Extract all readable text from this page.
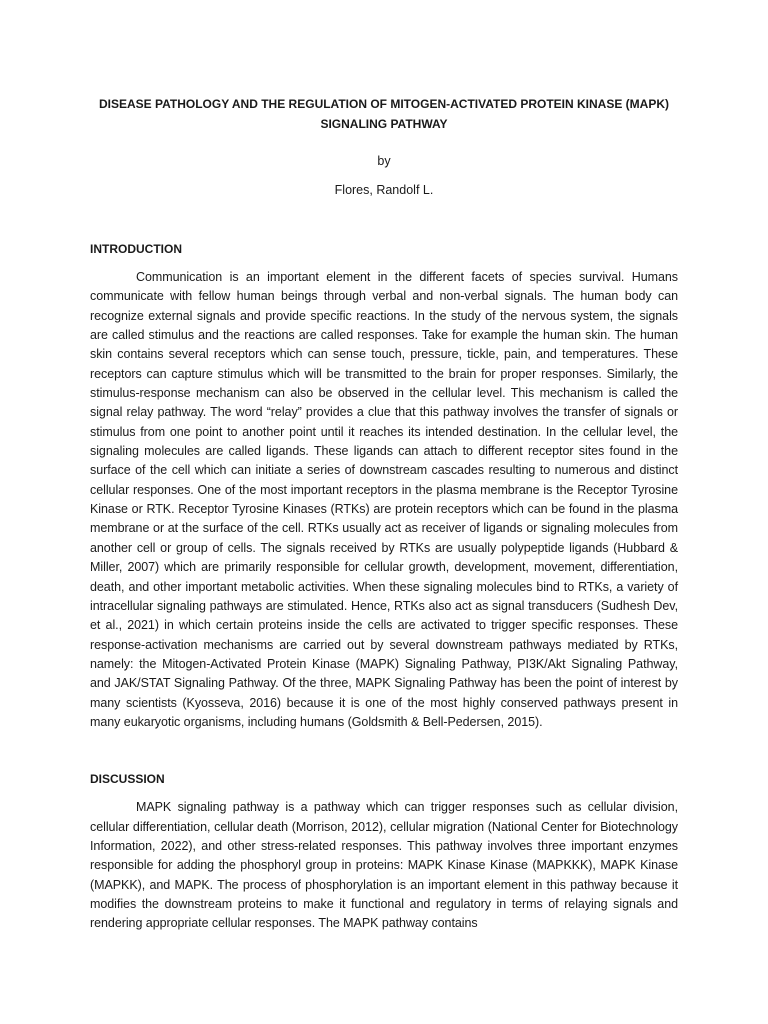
DISEASE PATHOLOGY AND THE REGULATION OF MITOGEN-ACTIVATED PROTEIN KINASE (MAPK) SIGNALING PATHWAY

by

Flores, Randolf L.

INTRODUCTION

Communication is an important element in the different facets of species survival. Humans communicate with fellow human beings through verbal and non-verbal signals. The human body can recognize external signals and provide specific reactions. In the study of the nervous system, the signals are called stimulus and the reactions are called responses. Take for example the human skin. The human skin contains several receptors which can sense touch, pressure, tickle, pain, and temperatures. These receptors can capture stimulus which will be transmitted to the brain for proper responses. Similarly, the stimulus-response mechanism can also be observed in the cellular level. This mechanism is called the signal relay pathway. The word “relay” provides a clue that this pathway involves the transfer of signals or stimulus from one point to another point until it reaches its intended destination. In the cellular level, the signaling molecules are called ligands. These ligands can attach to different receptor sites found in the surface of the cell which can initiate a series of downstream cascades resulting to numerous and distinct cellular responses. One of the most important receptors in the plasma membrane is the Receptor Tyrosine Kinase or RTK. Receptor Tyrosine Kinases (RTKs) are protein receptors which can be found in the plasma membrane or at the surface of the cell. RTKs usually act as receiver of ligands or signaling molecules from another cell or group of cells. The signals received by RTKs are usually polypeptide ligands (Hubbard & Miller, 2007) which are primarily responsible for cellular growth, development, movement, differentiation, death, and other important metabolic activities. When these signaling molecules bind to RTKs, a variety of intracellular signaling pathways are stimulated. Hence, RTKs also act as signal transducers (Sudhesh Dev, et al., 2021) in which certain proteins inside the cells are activated to trigger specific responses. These response-activation mechanisms are carried out by several downstream pathways mediated by RTKs, namely: the Mitogen-Activated Protein Kinase (MAPK) Signaling Pathway, PI3K/Akt Signaling Pathway, and JAK/STAT Signaling Pathway. Of the three, MAPK Signaling Pathway has been the point of interest by many scientists (Kyosseva, 2016) because it is one of the most highly conserved pathways present in many eukaryotic organisms, including humans (Goldsmith & Bell-Pedersen, 2015).

DISCUSSION

MAPK signaling pathway is a pathway which can trigger responses such as cellular division, cellular differentiation, cellular death (Morrison, 2012), cellular migration (National Center for Biotechnology Information, 2022), and other stress-related responses. This pathway involves three important enzymes responsible for adding the phosphoryl group in proteins: MAPK Kinase Kinase (MAPKKK), MAPK Kinase (MAPKK), and MAPK. The process of phosphorylation is an important element in this pathway because it modifies the downstream proteins to make it functional and regulatory in terms of relaying signals and rendering appropriate cellular responses. The MAPK pathway contains
